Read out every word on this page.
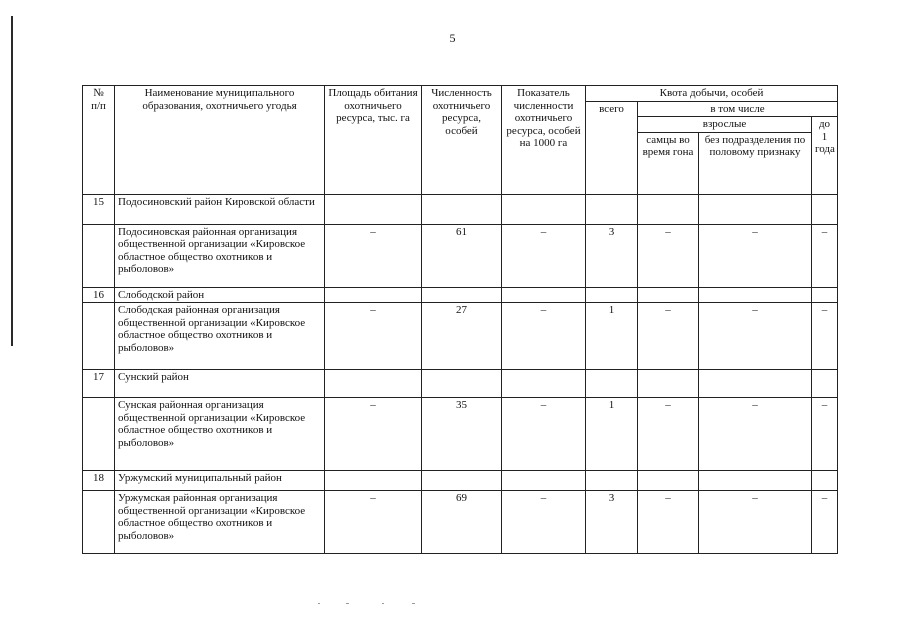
5
№
п/п	Наименование муниципального образования, охотничьего угодья	Площадь обитания охотничьего ресурса, тыс. га	Численность охотничьего ресурса, особей	Показатель численности охотничьего ресурса, особей на 1000 га	Квота добычи, особей			
					всего	в том числе		
						взрослые		до 1 года
						самцы во время гона	без подразделения по половому признаку	
15	Подосиновский район Кировской области							
	Подосиновская районная организация общественной организации «Кировское областное общество охотников и рыболовов»	–	61	–	3	–	–	–
16	Слободской район							
	Слободская районная организация общественной организации «Кировское областное общество охотников и рыболовов»	–	27	–	1	–	–	–
17	Сунский район							
	Сунская районная организация общественной организации «Кировское областное общество охотников и рыболовов»	–	35	–	1	–	–	–
18	Уржумский муниципальный район							
	Уржумская районная организация общественной организации «Кировское областное общество охотников и рыболовов»	–	69	–	3	–	–	–
